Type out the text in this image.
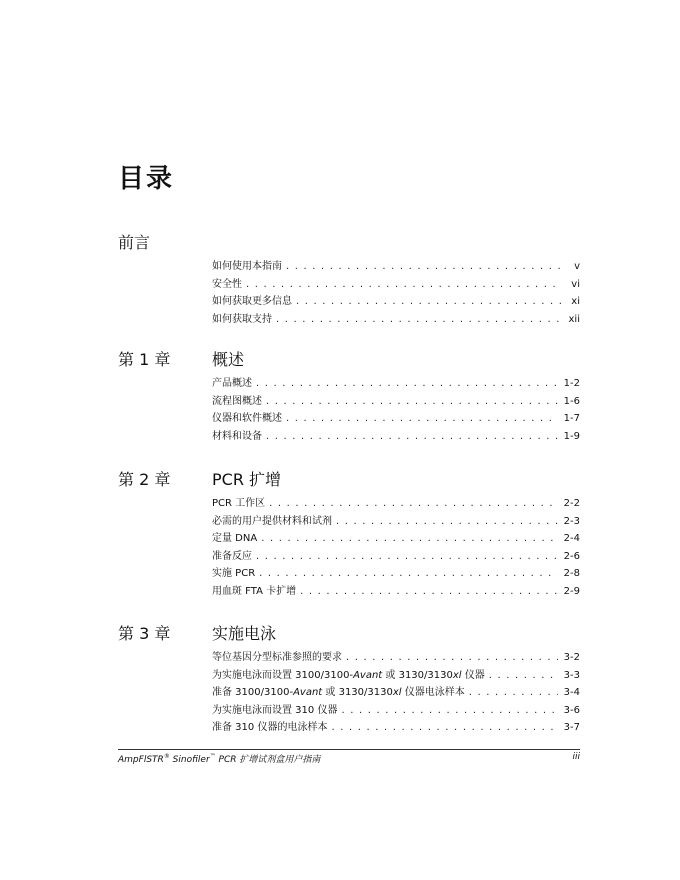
目录
前言
如何使用本指南 . . .	v
安全性 . . .	vi
如何获取更多信息 . . .	xi
如何获取支持 . . .	xii
第 1 章	概述
产品概述 . . .	1-2
流程图概述 . . .	1-6
仪器和软件概述 . . .	1-7
材料和设备 . . .	1-9
第 2 章	PCR 扩增
PCR 工作区 . . .	2-2
必需的用户提供材料和试剂 . . .	2-3
定量 DNA . . .	2-4
准备反应 . . .	2-6
实施 PCR . . .	2-8
用血斑 FTA 卡扩增 . . .	2-9
第 3 章	实施电泳
等位基因分型标准参照的要求 . . .	3-2
为实施电泳而设置 3100/3100-Avant 或 3130/3130xl 仪器 . . .	3-3
准备 3100/3100-Avant 或 3130/3130xl 仪器电泳样本 . . .	3-4
为实施电泳而设置 310 仪器 . . .	3-6
准备 310 仪器的电泳样本 . . .	3-7
AmpFlSTR® Sinofiler™ PCR 扩增试剂盒用户指南	iii
